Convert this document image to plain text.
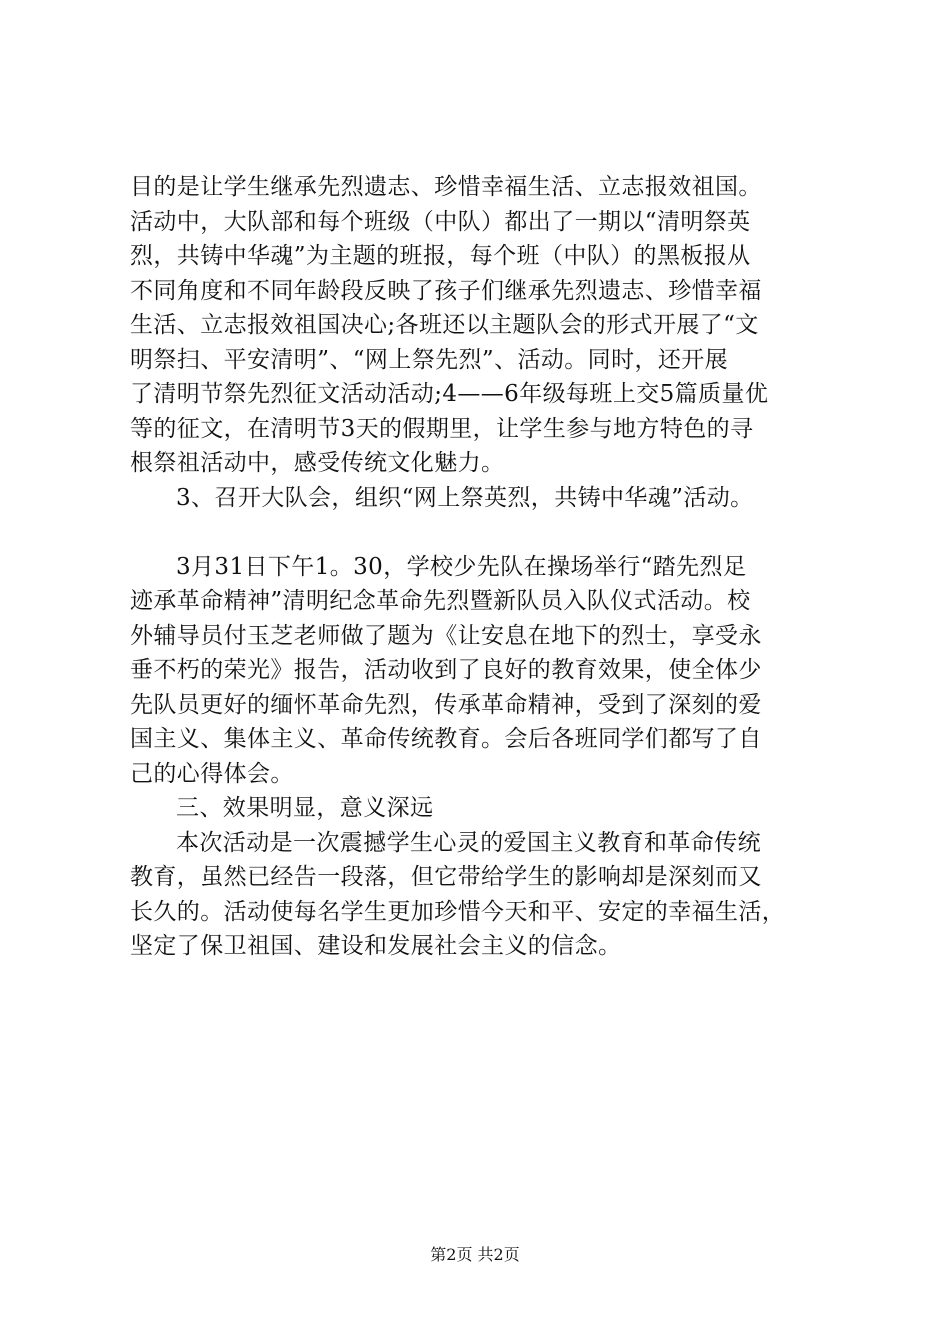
目的是让学生继承先烈遗志、珍惜幸福生活、立志报效祖国。
活动中，大队部和每个班级（中队）都出了一期以“清明祭英
烈，共铸中华魂”为主题的班报，每个班（中队）的黑板报从
不同角度和不同年龄段反映了孩子们继承先烈遗志、珍惜幸福
生活、立志报效祖国决心;各班还以主题队会的形式开展了“文
明祭扫、平安清明”、“网上祭先烈”、活动。同时，还开展
了清明节祭先烈征文活动活动;4——6年级每班上交5篇质量优
等的征文，在清明节3天的假期里，让学生参与地方特色的寻
根祭祖活动中，感受传统文化魅力。
3、召开大队会，组织“网上祭英烈，共铸中华魂”活动。
3月31日下午1。30，学校少先队在操场举行“踏先烈足
迹承革命精神”清明纪念革命先烈暨新队员入队仪式活动。校
外辅导员付玉芝老师做了题为《让安息在地下的烈士，享受永
垂不朽的荣光》报告，活动收到了良好的教育效果，使全体少
先队员更好的缅怀革命先烈，传承革命精神，受到了深刻的爱
国主义、集体主义、革命传统教育。会后各班同学们都写了自
己的心得体会。
三、效果明显，意义深远
本次活动是一次震撼学生心灵的爱国主义教育和革命传统
教育，虽然已经告一段落，但它带给学生的影响却是深刻而又
长久的。活动使每名学生更加珍惜今天和平、安定的幸福生活，
坚定了保卫祖国、建设和发展社会主义的信念。
第2页 共2页
